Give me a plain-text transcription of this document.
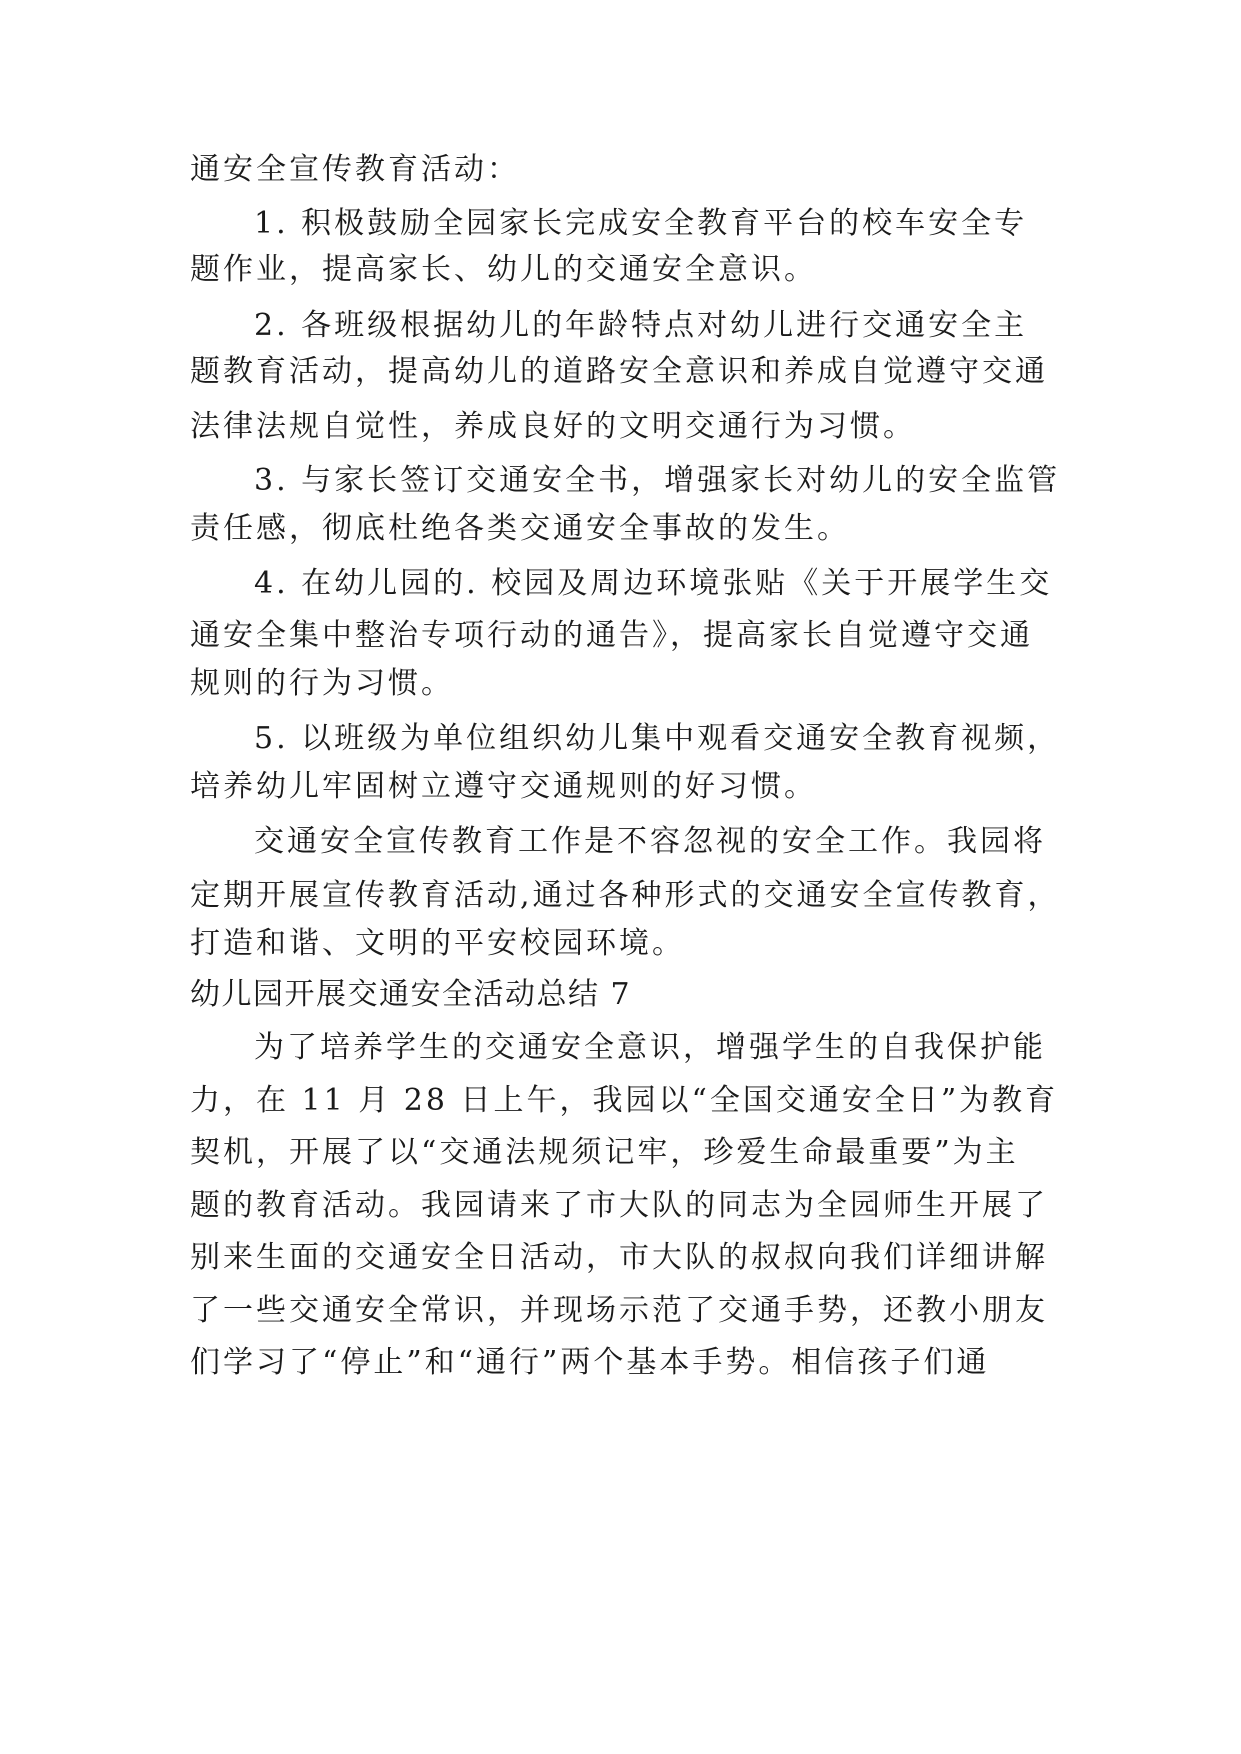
通安全宣传教育活动：
1. 积极鼓励全园家长完成安全教育平台的校车安全专
题作业，提高家长、幼儿的交通安全意识。
2. 各班级根据幼儿的年龄特点对幼儿进行交通安全主
题教育活动，提高幼儿的道路安全意识和养成自觉遵守交通
法律法规自觉性，养成良好的文明交通行为习惯。
3. 与家长签订交通安全书，增强家长对幼儿的安全监管
责任感，彻底杜绝各类交通安全事故的发生。
4. 在幼儿园的. 校园及周边环境张贴《关于开展学生交
通安全集中整治专项行动的通告》，提高家长自觉遵守交通
规则的行为习惯。
5. 以班级为单位组织幼儿集中观看交通安全教育视频，
培养幼儿牢固树立遵守交通规则的好习惯。
交通安全宣传教育工作是不容忽视的安全工作。我园将
定期开展宣传教育活动,通过各种形式的交通安全宣传教育，
打造和谐、文明的平安校园环境。
幼儿园开展交通安全活动总结 7
为了培养学生的交通安全意识，增强学生的自我保护能
力，在 11 月 28 日上午，我园以“全国交通安全日”为教育
契机，开展了以“交通法规须记牢，珍爱生命最重要”为主
题的教育活动。我园请来了市大队的同志为全园师生开展了
别来生面的交通安全日活动，市大队的叔叔向我们详细讲解
了一些交通安全常识，并现场示范了交通手势，还教小朋友
们学习了“停止”和“通行”两个基本手势。相信孩子们通
